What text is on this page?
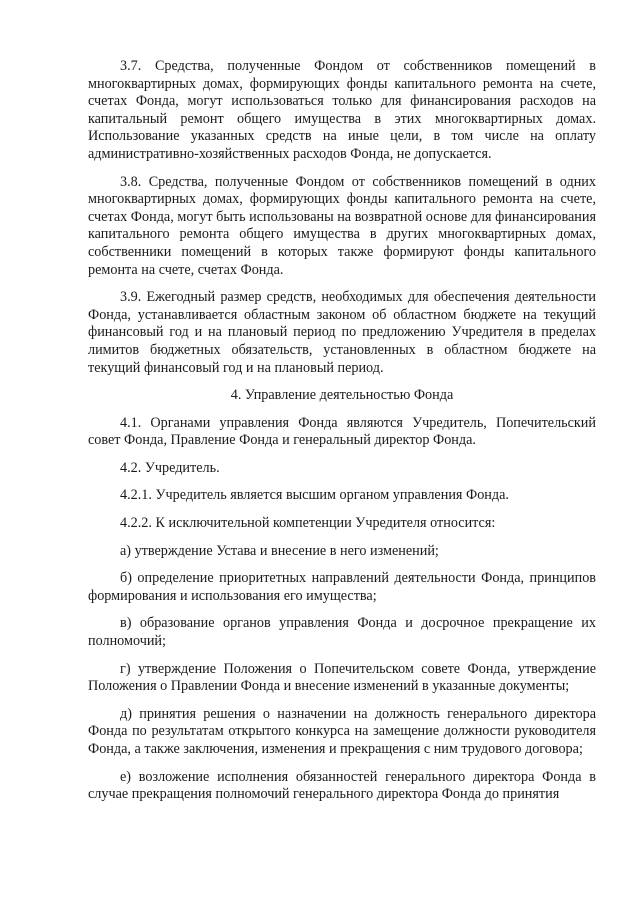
3.7. Средства, полученные Фондом от собственников помещений в многоквартирных домах, формирующих фонды капитального ремонта на счете, счетах Фонда, могут использоваться только для финансирования расходов на капитальный ремонт общего имущества в этих многоквартирных домах. Использование указанных средств на иные цели, в том числе на оплату административно-хозяйственных расходов Фонда, не допускается.

3.8. Средства, полученные Фондом от собственников помещений в одних многоквартирных домах, формирующих фонды капитального ремонта на счете, счетах Фонда, могут быть использованы на возвратной основе для финансирования капитального ремонта общего имущества в других многоквартирных домах, собственники помещений в которых также формируют фонды капитального ремонта на счете, счетах Фонда.

3.9. Ежегодный размер средств, необходимых для обеспечения деятельности Фонда, устанавливается областным законом об областном бюджете на текущий финансовый год и на плановый период по предложению Учредителя в пределах лимитов бюджетных обязательств, установленных в областном бюджете на текущий финансовый год и на плановый период.

4. Управление деятельностью Фонда

4.1. Органами управления Фонда являются Учредитель, Попечительский совет Фонда, Правление Фонда и генеральный директор Фонда.

4.2. Учредитель.

4.2.1. Учредитель является высшим органом управления Фонда.

4.2.2. К исключительной компетенции Учредителя относится:

а) утверждение Устава и внесение в него изменений;

б) определение приоритетных направлений деятельности Фонда, принципов формирования и использования его имущества;

в) образование органов управления Фонда и досрочное прекращение их полномочий;

г) утверждение Положения о Попечительском совете Фонда, утверждение Положения о Правлении Фонда и внесение изменений в указанные документы;

д) принятия решения о назначении на должность генерального директора Фонда по результатам открытого конкурса на замещение должности руководителя Фонда, а также заключения, изменения и прекращения с ним трудового договора;

е) возложение исполнения обязанностей генерального директора Фонда в случае прекращения полномочий генерального директора Фонда до принятия
